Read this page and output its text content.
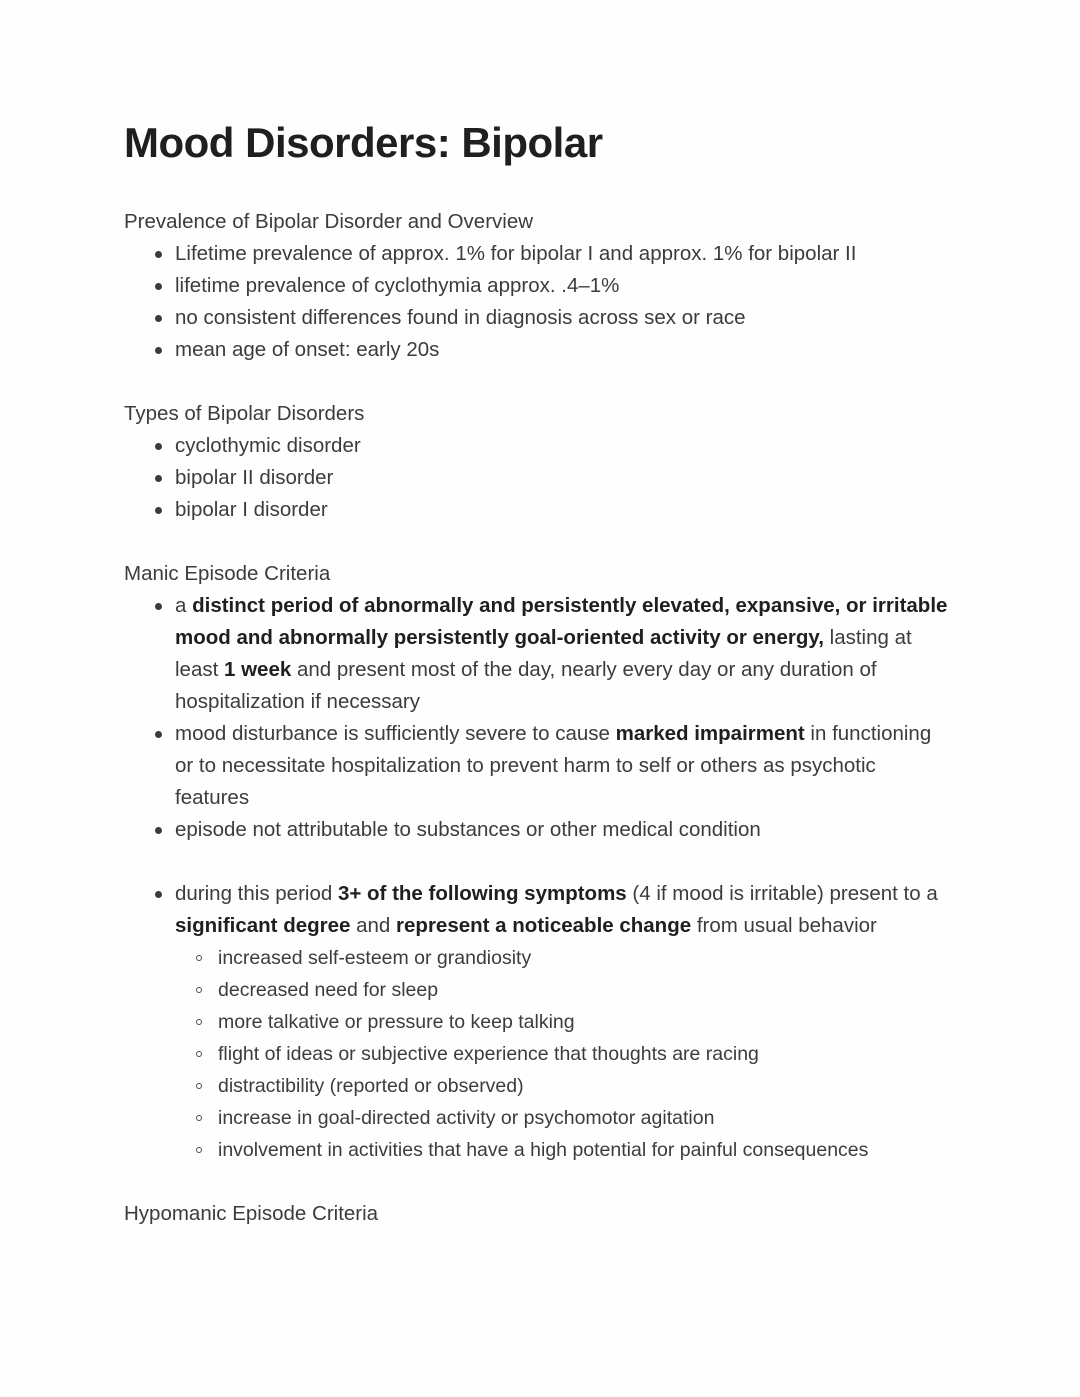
Mood Disorders: Bipolar

Prevalence of Bipolar Disorder and Overview

Lifetime prevalence of approx. 1% for bipolar I and approx. 1% for bipolar II
lifetime prevalence of cyclothymia approx. .4–1%
no consistent differences found in diagnosis across sex or race
mean age of onset: early 20s

Types of Bipolar Disorders

cyclothymic disorder
bipolar II disorder
bipolar I disorder

Manic Episode Criteria

a distinct period of abnormally and persistently elevated, expansive, or irritable mood and abnormally persistently goal-oriented activity or energy, lasting at least 1 week and present most of the day, nearly every day or any duration of hospitalization if necessary
mood disturbance is sufficiently severe to cause marked impairment in functioning or to necessitate hospitalization to prevent harm to self or others as psychotic features
episode not attributable to substances or other medical condition
during this period 3+ of the following symptoms (4 if mood is irritable) present to a significant degree and represent a noticeable change from usual behavior
increased self-esteem or grandiosity
decreased need for sleep
more talkative or pressure to keep talking
flight of ideas or subjective experience that thoughts are racing
distractibility (reported or observed)
increase in goal-directed activity or psychomotor agitation
involvement in activities that have a high potential for painful consequences

Hypomanic Episode Criteria
